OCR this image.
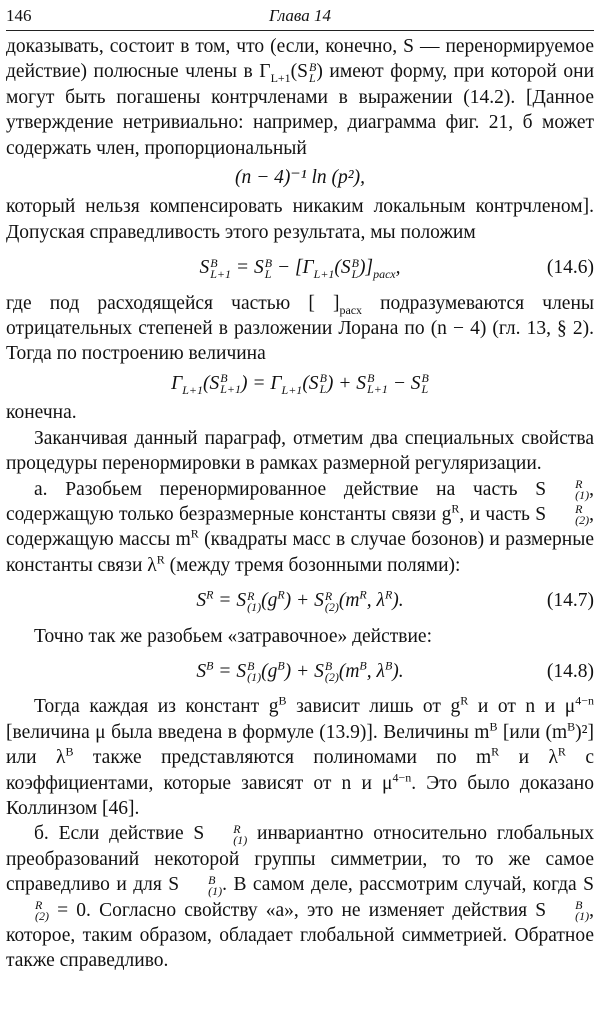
146	Глава 14

доказывать, состоит в том, что (если, конечно, S — перенормируемое действие) полюсные члены в $\Gamma_{L+1}(S$ B
L ) имеют форму, при которой они могут быть погашены контрчленами в выражении (14.2). [Данное утверждение нетривиально: например, диаграмма фиг. 21, б может содержать член, пропорциональный

(n − 4)⁻¹ ln (p²),

который нельзя компенсировать никаким локальным контрчленом]. Допуская справедливость этого результата, мы положим

S B
L+1 = S B
$L - [\Gamma_{L+1}(S$ B
L )]$_{расх}$,	(14.6)

где под расходящейся частью [ ]$_{расх}$ подразумеваются члены отрицательных степеней в разложении Лорана по (n − 4) (гл. 13, § 2). Тогда по построению величина

$\Gamma_{L+1}(S$ B
L+1 ) = $\Gamma_{L+1}(S$ B
L ) + S B
L+1 − S B
L

конечна.

Заканчивая данный параграф, отметим два специальных свойства процедуры перенормировки в рамках размерной регуляризации.

а. Разобьем перенормированное действие на часть S	R
(1) , содержащую только безразмерные константы связи $g^R$, и часть S	R
(2) , содержащую массы $m^R$ (квадраты масс в случае бозонов) и размерные константы связи $\lambda^R$ (между тремя бозонными полями):

$S^R = S$ R
(1) $(g^R) + S$ R
(2) ($m^R$, $\lambda^R$).	(14.7)

Точно так же разобьем «затравочное» действие:

$S^B = S$ B
(1) $(g^B) + S$ B
(2) ($m^B$, $\lambda^B$).	(14.8)

Тогда каждая из констант $g^B$ зависит лишь от $g^R$ и от n и $\mu^{4-n}$ [величина μ была введена в формуле (13.9)]. Величины $m^B$ [или $(m^B)^2$] или $\lambda^B$ также представляются полиномами по $m^R$ и $\lambda^R$ с коэффициентами, которые зависят от n и $\mu^{4-n}$. Это было доказано Коллинзом [46].

б. Если действие S	R
(1) инвариантно относительно глобальных преобразований некоторой группы симметрии, то то же самое справедливо и для S	B
(1) . В самом деле, рассмотрим случай, когда S
R
(2) = 0. Согласно свойству «а», это не изменяет действия S	B
(1) , которое, таким образом, обладает глобальной симметрией. Обратное также справедливо.
